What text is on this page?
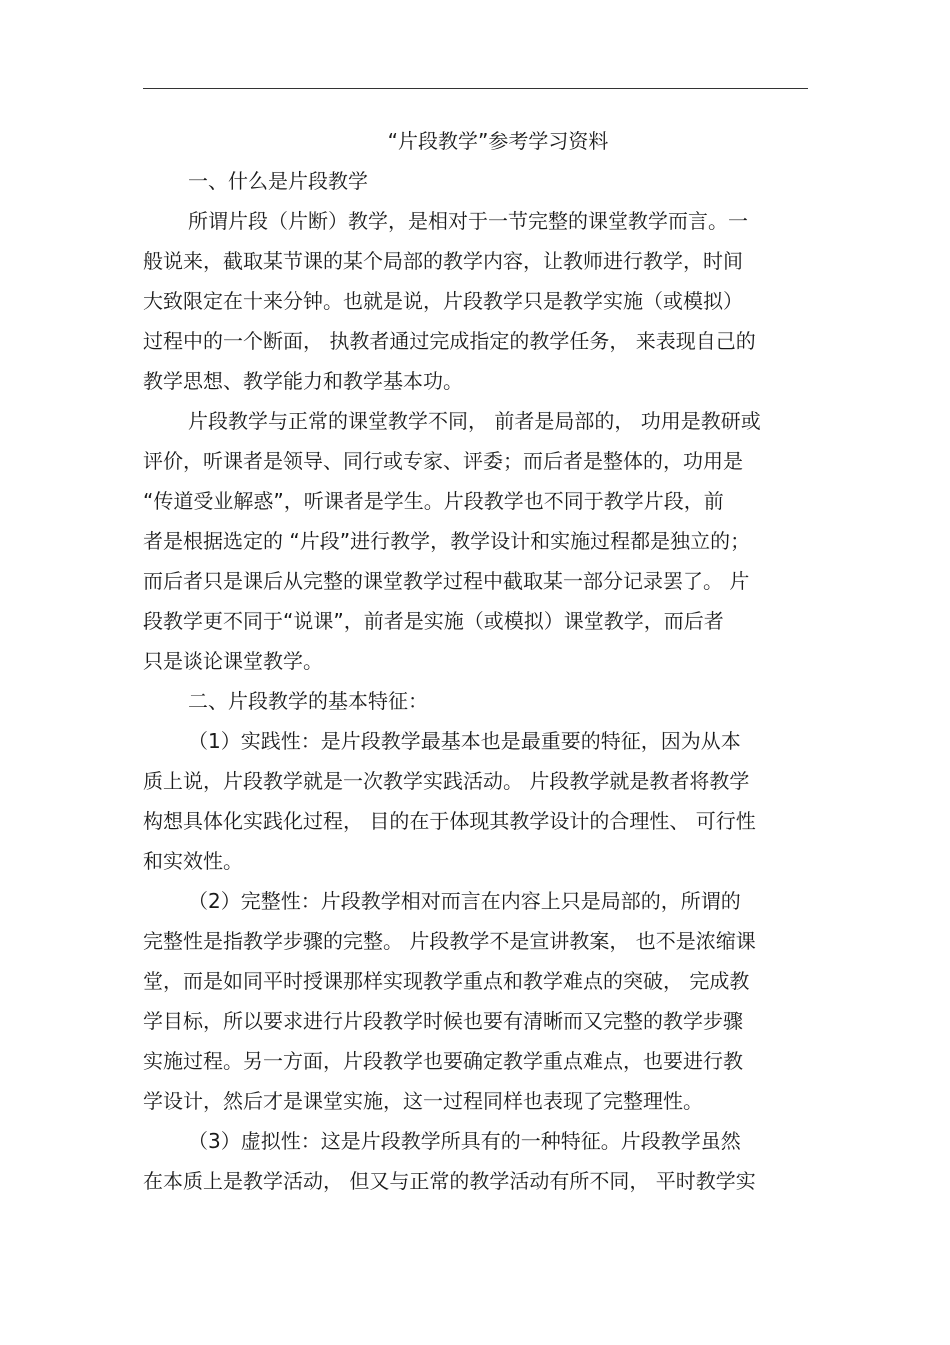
“片段教学”参考学习资料
一、什么是片段教学
所谓片段（片断）教学，是相对于一节完整的课堂教学而言。一
般说来，截取某节课的某个局部的教学内容，让教师进行教学，时间
大致限定在十来分钟。也就是说，片段教学只是教学实施（或模拟）
过程中的一个断面， 执教者通过完成指定的教学任务， 来表现自己的
教学思想、教学能力和教学基本功。
片段教学与正常的课堂教学不同， 前者是局部的， 功用是教研或
评价，听课者是领导、同行或专家、评委；而后者是整体的，功用是
“传道受业解惑”，听课者是学生。片段教学也不同于教学片段，前
者是根据选定的 “片段”进行教学，教学设计和实施过程都是独立的；
而后者只是课后从完整的课堂教学过程中截取某一部分记录罢了。 片
段教学更不同于“说课”，前者是实施（或模拟）课堂教学，而后者
只是谈论课堂教学。
二、片段教学的基本特征：
（1）实践性：是片段教学最基本也是最重要的特征，因为从本
质上说，片段教学就是一次教学实践活动。 片段教学就是教者将教学
构想具体化实践化过程， 目的在于体现其教学设计的合理性、 可行性
和实效性。
（2）完整性：片段教学相对而言在内容上只是局部的，所谓的
完整性是指教学步骤的完整。 片段教学不是宣讲教案， 也不是浓缩课
堂，而是如同平时授课那样实现教学重点和教学难点的突破， 完成教
学目标，所以要求进行片段教学时候也要有清晰而又完整的教学步骤
实施过程。另一方面，片段教学也要确定教学重点难点，也要进行教
学设计，然后才是课堂实施，这一过程同样也表现了完整理性。
（3）虚拟性：这是片段教学所具有的一种特征。片段教学虽然
在本质上是教学活动， 但又与正常的教学活动有所不同， 平时教学实
